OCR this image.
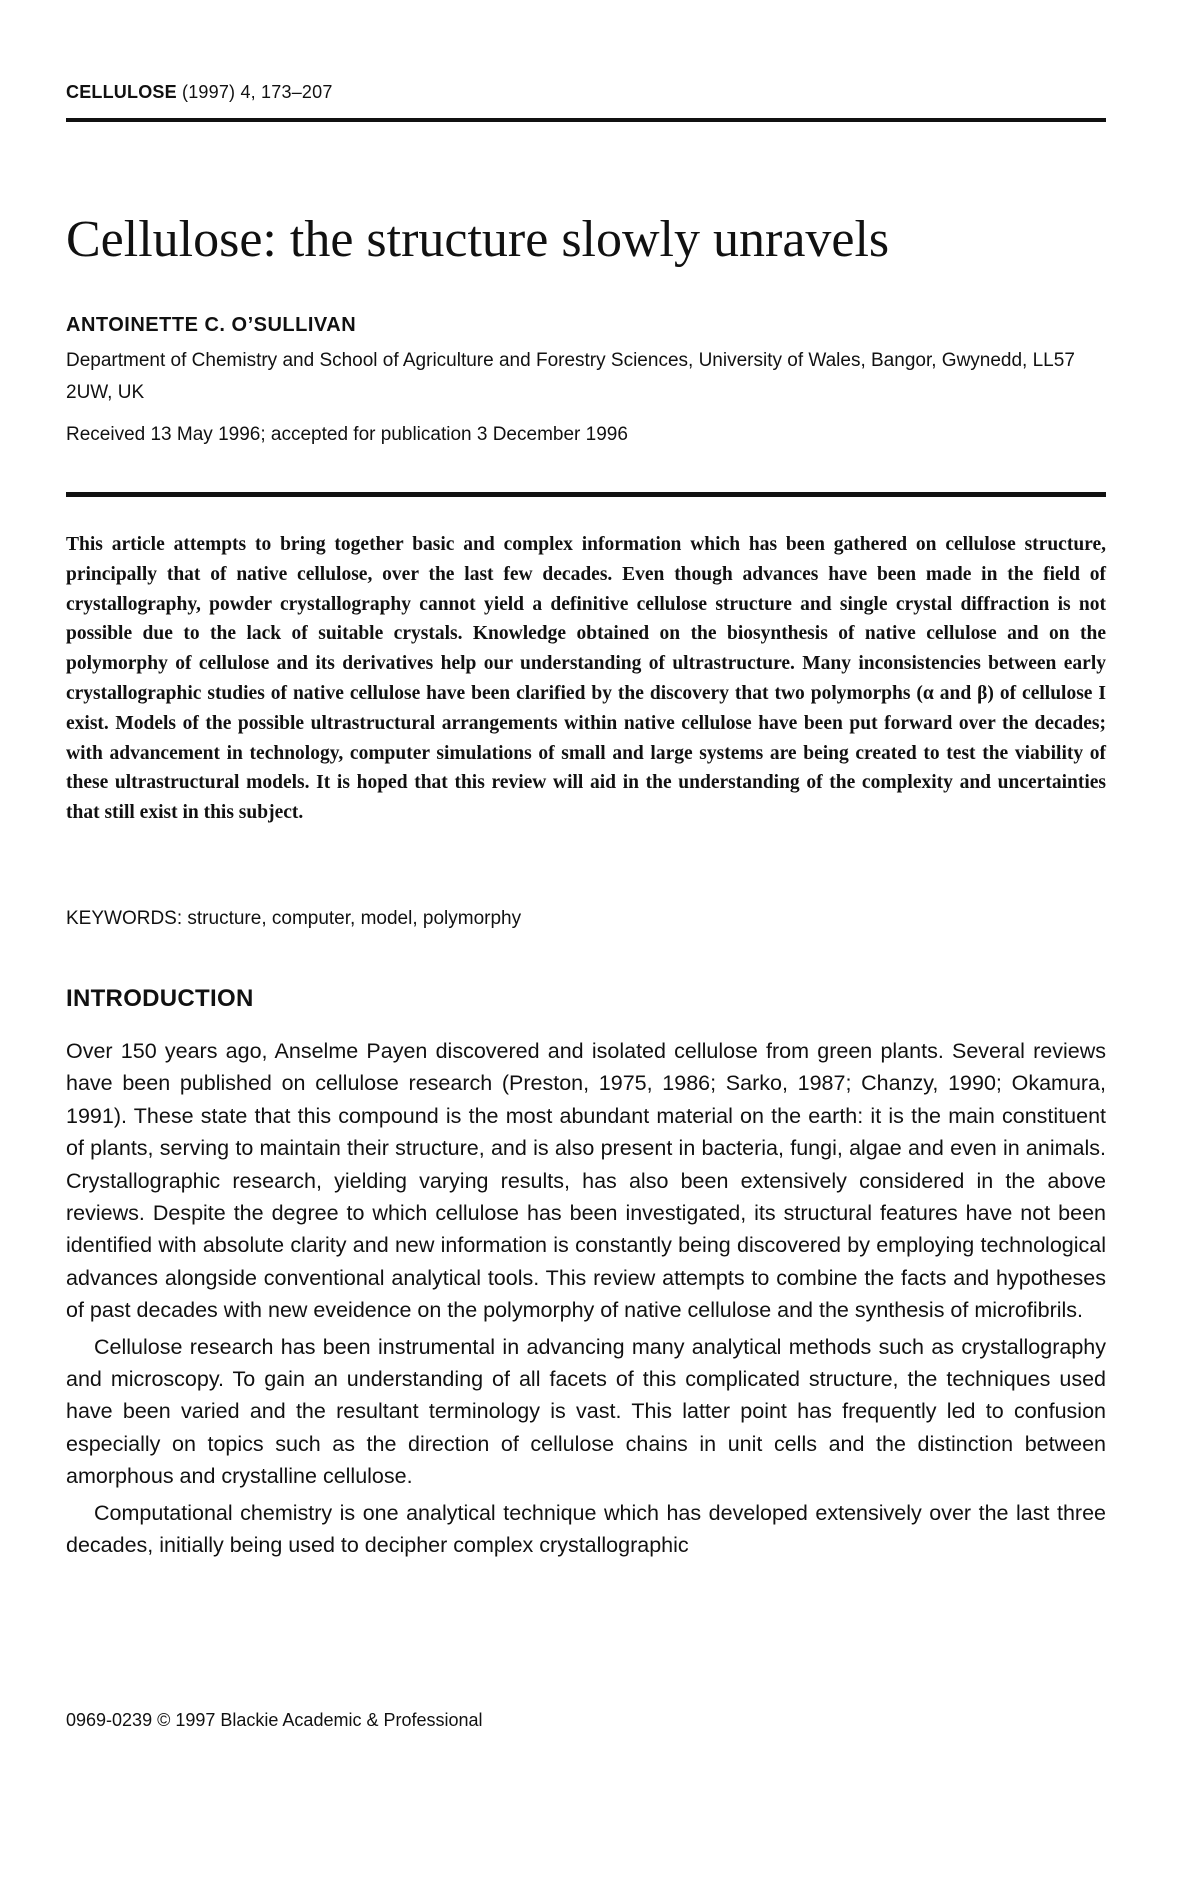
CELLULOSE (1997) 4, 173–207
Cellulose: the structure slowly unravels
ANTOINETTE C. O’SULLIVAN
Department of Chemistry and School of Agriculture and Forestry Sciences, University of Wales, Bangor, Gwynedd, LL57 2UW, UK
Received 13 May 1996; accepted for publication 3 December 1996

This article attempts to bring together basic and complex information which has been gathered on cellulose structure, principally that of native cellulose, over the last few decades. Even though advances have been made in the field of crystallography, powder crystallography cannot yield a definitive cellulose structure and single crystal diffraction is not possible due to the lack of suitable crystals. Knowledge obtained on the biosynthesis of native cellulose and on the polymorphy of cellulose and its derivatives help our understanding of ultrastructure. Many inconsistencies between early crystallographic studies of native cellulose have been clarified by the discovery that two polymorphs (α and β) of cellulose I exist. Models of the possible ultrastructural arrangements within native cellulose have been put forward over the decades; with advancement in technology, computer simulations of small and large systems are being created to test the viability of these ultrastructural models. It is hoped that this review will aid in the understanding of the complexity and uncertainties that still exist in this subject.

KEYWORDS: structure, computer, model, polymorphy
INTRODUCTION

Over 150 years ago, Anselme Payen discovered and isolated cellulose from green plants. Several reviews have been published on cellulose research (Preston, 1975, 1986; Sarko, 1987; Chanzy, 1990; Okamura, 1991). These state that this compound is the most abundant material on the earth: it is the main constituent of plants, serving to maintain their structure, and is also present in bacteria, fungi, algae and even in animals. Crystallographic research, yielding varying results, has also been extensively considered in the above reviews. Despite the degree to which cellulose has been investigated, its structural features have not been identified with absolute clarity and new information is constantly being discovered by employing technological advances alongside conventional analytical tools. This review attempts to combine the facts and hypotheses of past decades with new eveidence on the polymorphy of native cellulose and the synthesis of microfibrils.

Cellulose research has been instrumental in advancing many analytical methods such as crystallography and microscopy. To gain an understanding of all facets of this complicated structure, the techniques used have been varied and the resultant terminology is vast. This latter point has frequently led to confusion especially on topics such as the direction of cellulose chains in unit cells and the distinction between amorphous and crystalline cellulose.

Computational chemistry is one analytical technique which has developed extensively over the last three decades, initially being used to decipher complex crystallographic

0969-0239 © 1997 Blackie Academic & Professional
